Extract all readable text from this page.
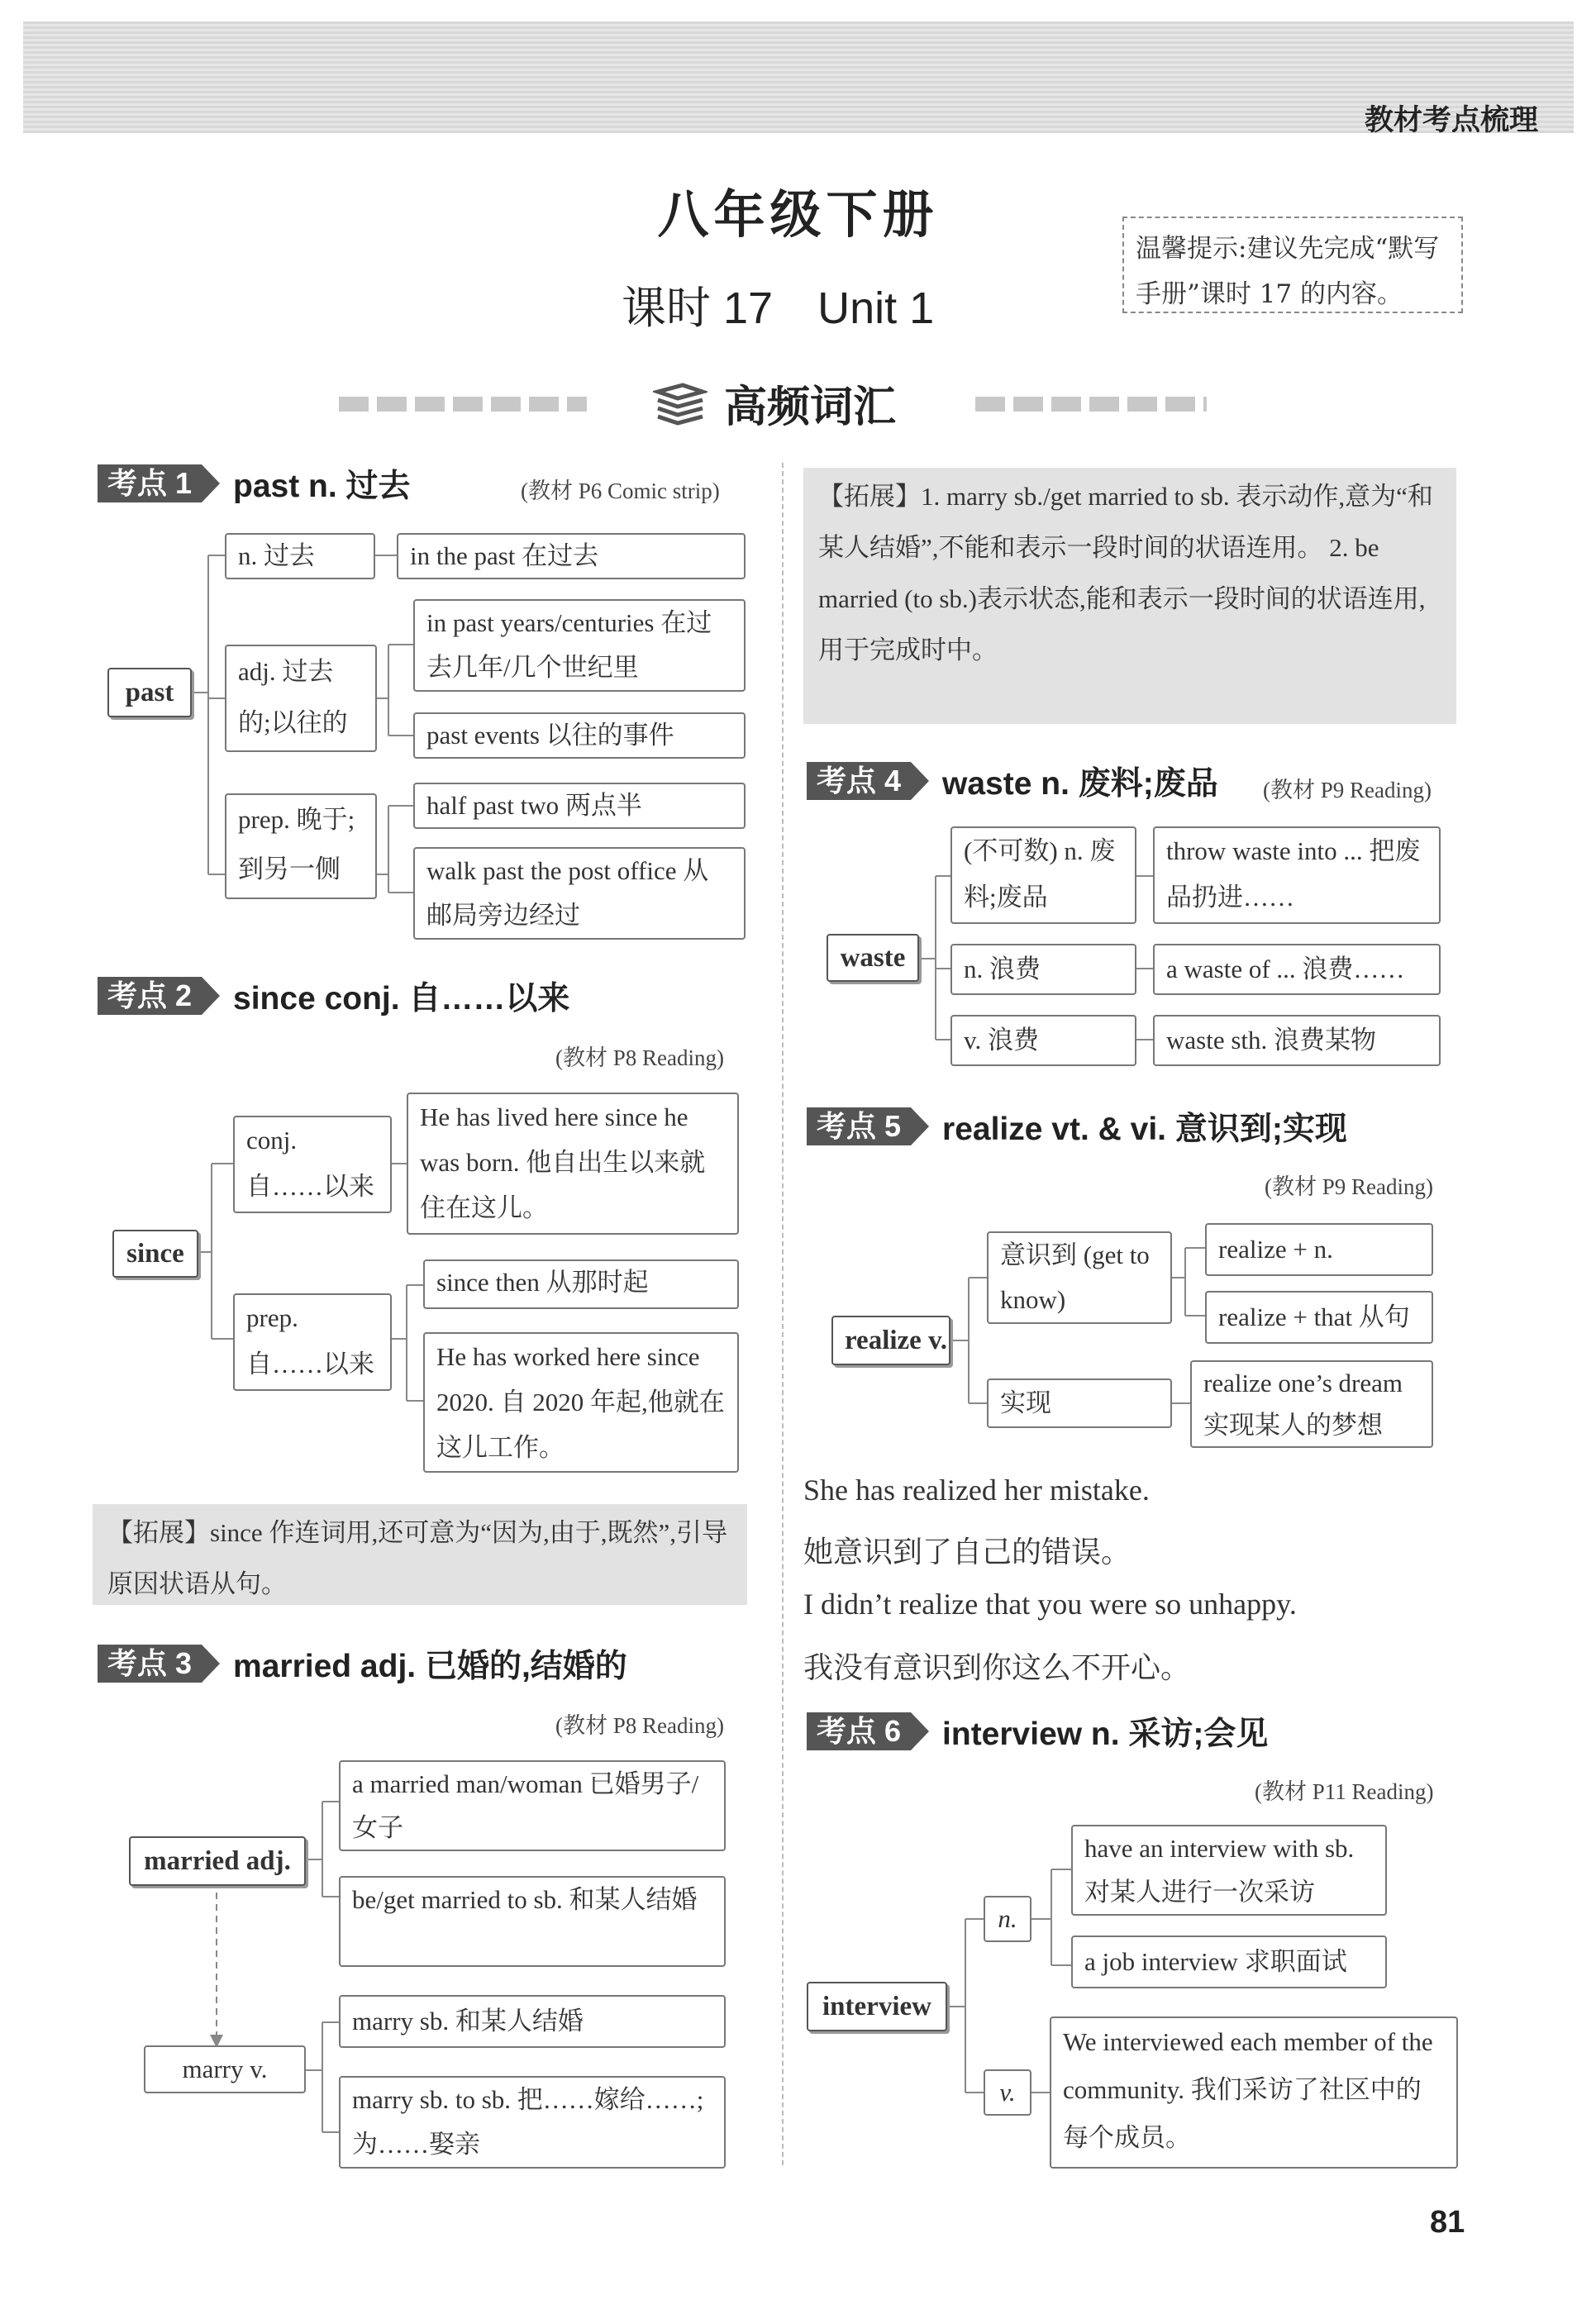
教材考点梳理
八年级下册
课时 17　Unit 1
温馨提示:建议先完成“默写手册”课时 17 的内容。
高频词汇
考点 1	past n. 过去	(教材 P6 Comic strip)
past
n. 过去
adj. 过去的;以往的
prep. 晚于;到另一侧
in the past 在过去
in past years/centuries 在过去几年/几个世纪里
past events 以往的事件
half past two 两点半
walk past the post office 从邮局旁边经过
考点 2	since conj. 自……以来
(教材 P8 Reading)
since
conj. 自……以来
prep. 自……以来
He has lived here since he was born. 他自出生以来就住在这儿。
since then 从那时起
He has worked here since 2020. 自 2020 年起,他就在这儿工作。
【拓展】since 作连词用,还可意为“因为,由于,既然”,引导原因状语从句。
考点 3	married adj. 已婚的,结婚的
(教材 P8 Reading)
married adj.
marry v.
a married man/woman 已婚男子/女子
be/get married to sb. 和某人结婚
marry sb. 和某人结婚
marry sb. to sb. 把……嫁给……;为……娶亲
【拓展】1. marry sb./get married to sb. 表示动作,意为“和某人结婚”,不能和表示一段时间的状语连用。 2. be married (to sb.)表示状态,能和表示一段时间的状语连用,用于完成时中。
考点 4	waste n. 废料;废品 (教材 P9 Reading)
waste
(不可数) n. 废料;废品
n. 浪费
v. 浪费
throw waste into ... 把废品扔进……
a waste of ... 浪费……
waste sth. 浪费某物
考点 5	realize vt. & vi. 意识到;实现
(教材 P9 Reading)
realize v.
意识到 (get to know)
实现
realize + n.
realize + that 从句
realize one’s dream 实现某人的梦想
She has realized her mistake.
她意识到了自己的错误。
I didn’t realize that you were so unhappy.
我没有意识到你这么不开心。
考点 6	interview n. 采访;会见
(教材 P11 Reading)
interview
n.
v.
have an interview with sb. 对某人进行一次采访
a job interview 求职面试
We interviewed each member of the community. 我们采访了社区中的每个成员。
81
